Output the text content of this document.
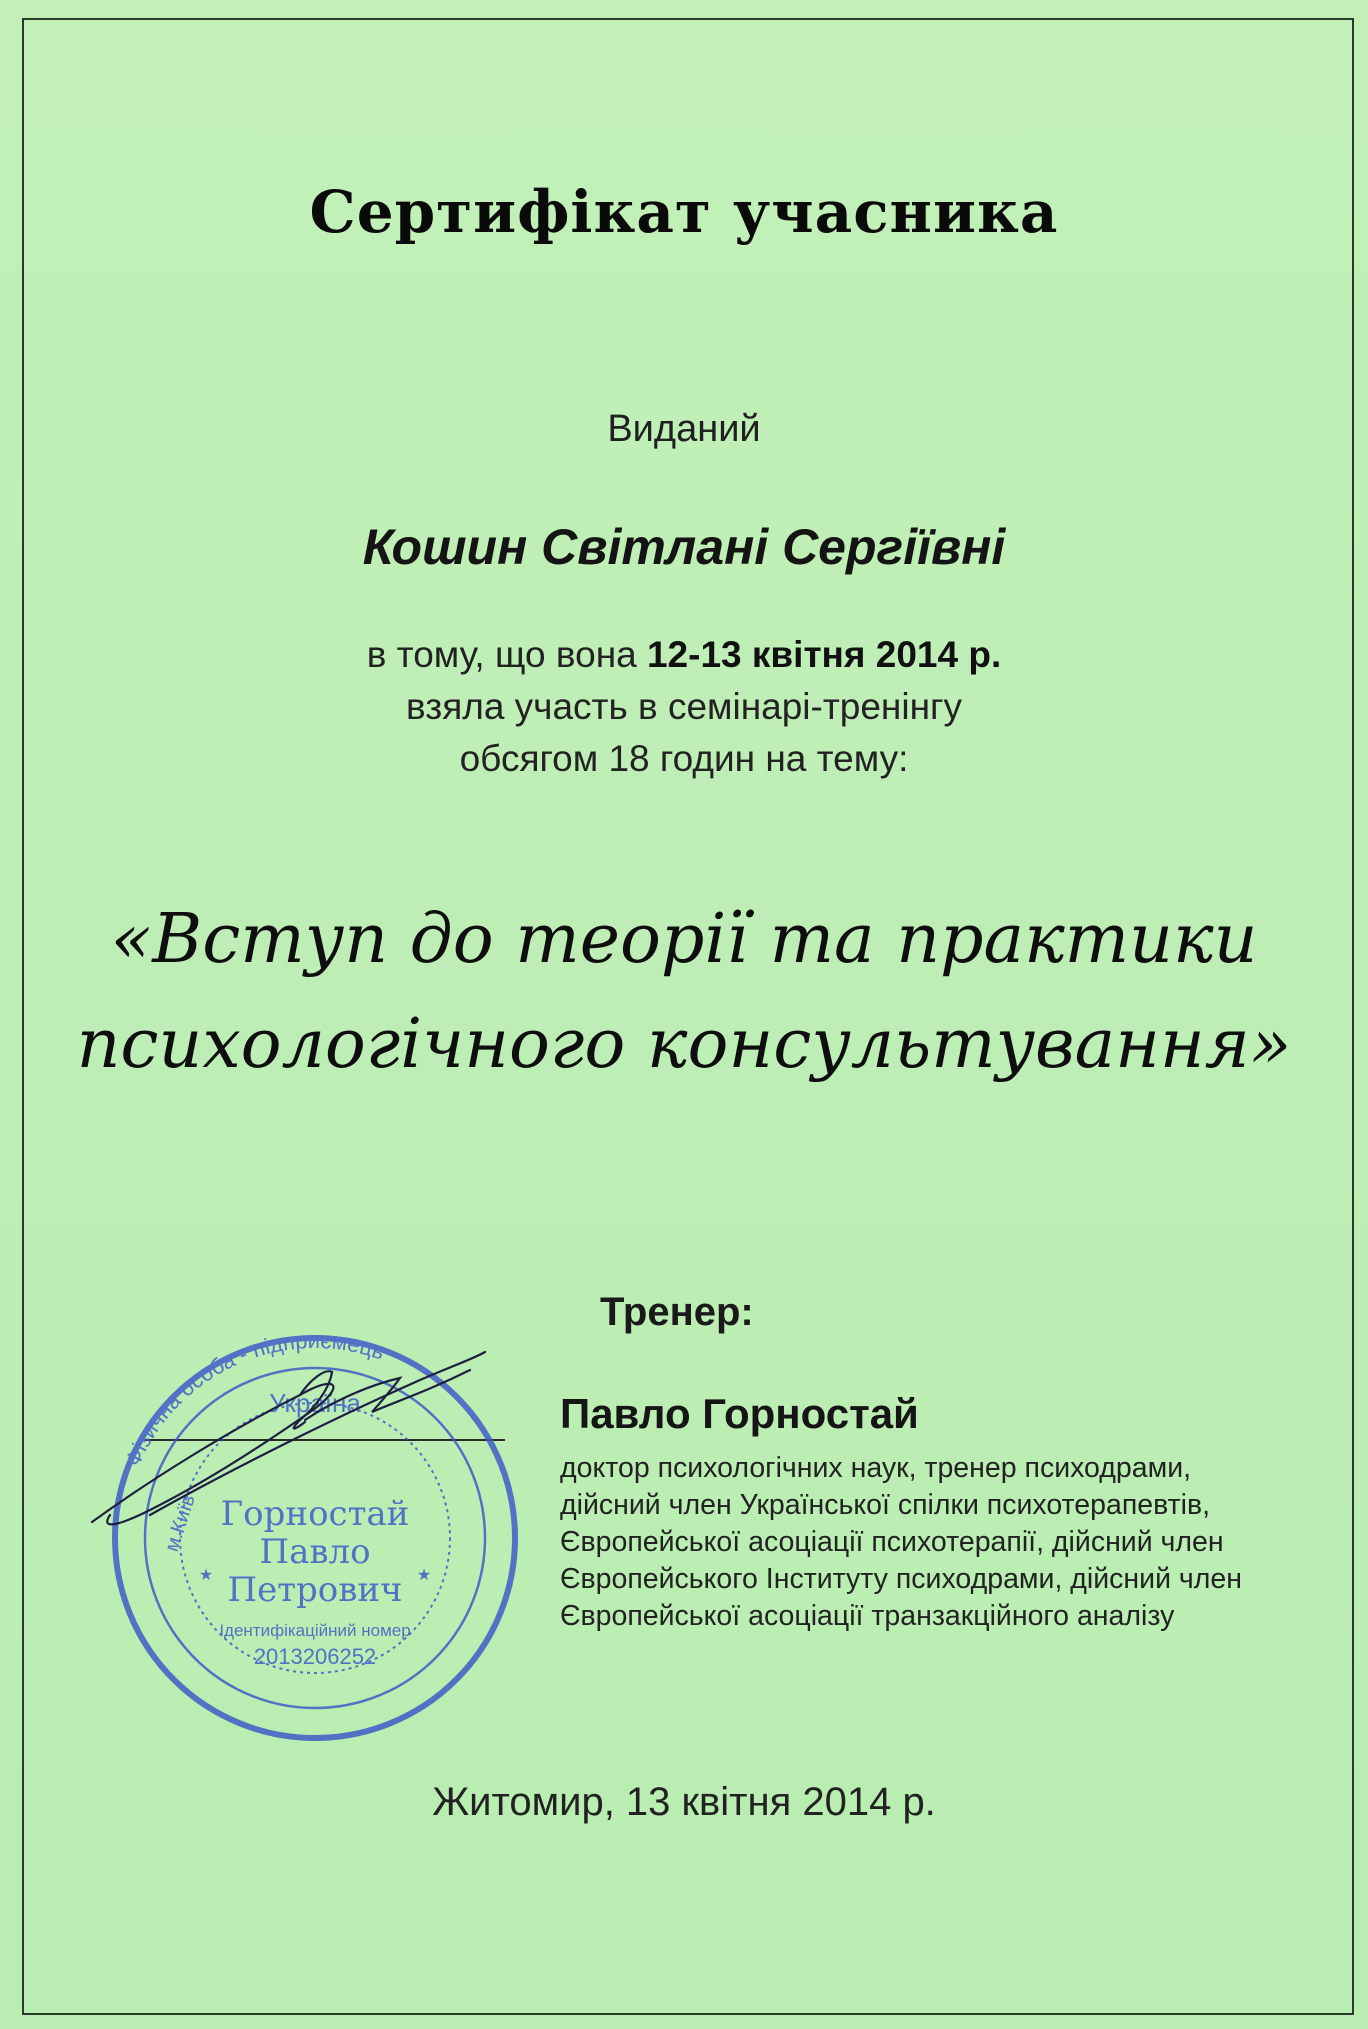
Сертифікат учасника
Виданий
Кошин Світлані Сергіївні
в тому, що вона 12-13 квітня 2014 р.
взяла участь в семінарі-тренінгу
обсягом 18 годин на тему:
«Вступ до теорії та практики
психологічного консультування»
Тренер:
Павло Горностай
доктор психологічних наук, тренер психодрами,
дійсний член Української спілки психотерапевтів,
Європейської асоціації психотерапії, дійсний член
Європейського Інституту психодрами, дійсний член
Європейської асоціації транзакційного аналізу
Фізична особа - підприємець
Україна
м.Київ Горностай
Павло
Петрович
Ідентифікаційний номер
2013206252
★	★
Житомир, 13 квітня 2014 р.
